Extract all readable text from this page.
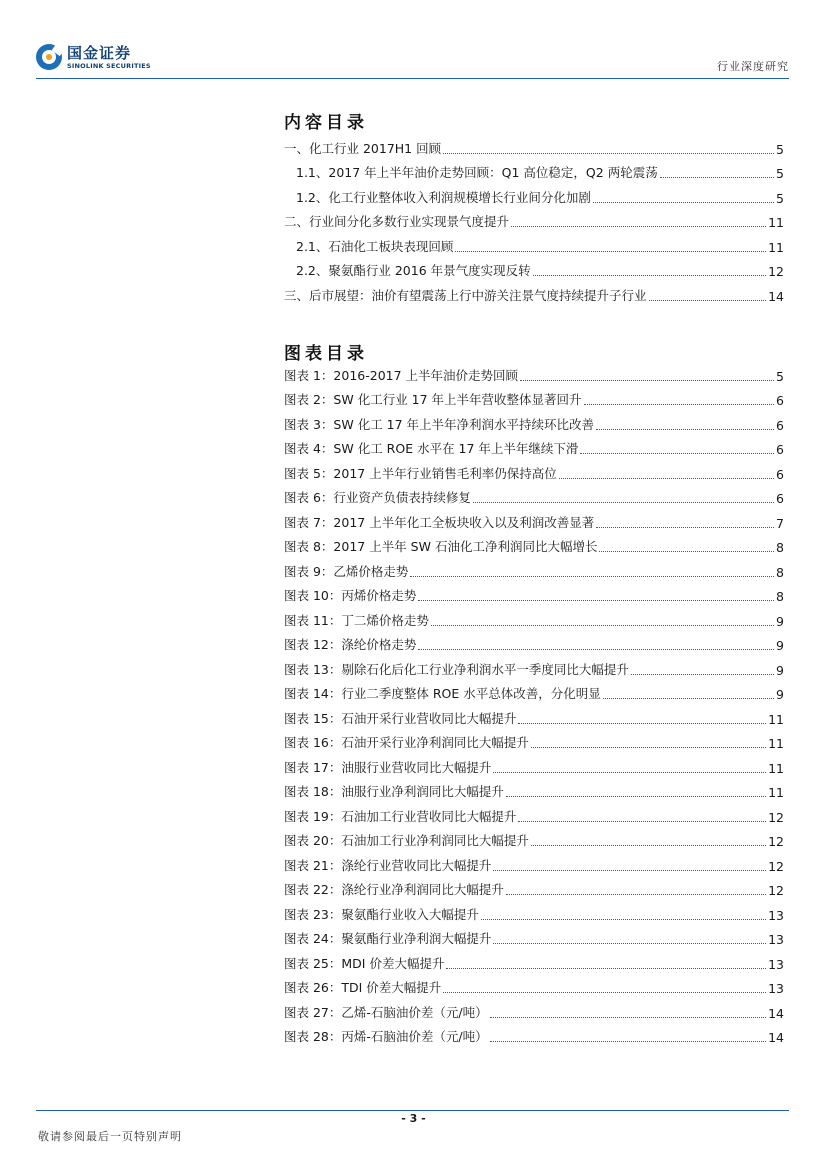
国金证券
SINOLINK SECURITIES	行业深度研究
内容目录
一、化工行业 2017H1 回顾	5
1.1、2017 年上半年油价走势回顾：Q1 高位稳定，Q2 两轮震荡	5
1.2、化工行业整体收入利润规模增长行业间分化加剧	5
二、行业间分化多数行业实现景气度提升	11
2.1、石油化工板块表现回顾	11
2.2、聚氨酯行业 2016 年景气度实现反转	12
三、后市展望：油价有望震荡上行中游关注景气度持续提升子行业	14
图表目录
图表 1：2016-2017 上半年油价走势回顾	5
图表 2：SW 化工行业 17 年上半年营收整体显著回升	6
图表 3：SW 化工 17 年上半年净利润水平持续环比改善	6
图表 4：SW 化工 ROE 水平在 17 年上半年继续下滑	6
图表 5：2017 上半年行业销售毛利率仍保持高位	6
图表 6：行业资产负债表持续修复	6
图表 7：2017 上半年化工全板块收入以及利润改善显著	7
图表 8：2017 上半年 SW 石油化工净利润同比大幅增长	8
图表 9：乙烯价格走势	8
图表 10：丙烯价格走势	8
图表 11：丁二烯价格走势	9
图表 12：涤纶价格走势	9
图表 13：剔除石化后化工行业净利润水平一季度同比大幅提升	9
图表 14：行业二季度整体 ROE 水平总体改善，分化明显	9
图表 15：石油开采行业营收同比大幅提升	11
图表 16：石油开采行业净利润同比大幅提升	11
图表 17：油服行业营收同比大幅提升	11
图表 18：油服行业净利润同比大幅提升	11
图表 19：石油加工行业营收同比大幅提升	12
图表 20：石油加工行业净利润同比大幅提升	12
图表 21：涤纶行业营收同比大幅提升	12
图表 22：涤纶行业净利润同比大幅提升	12
图表 23：聚氨酯行业收入大幅提升	13
图表 24：聚氨酯行业净利润大幅提升	13
图表 25：MDI 价差大幅提升	13
图表 26：TDI 价差大幅提升	13
图表 27：乙烯-石脑油价差（元/吨）	14
图表 28：丙烯-石脑油价差（元/吨）	14
- 3 -
敬请参阅最后一页特别声明
